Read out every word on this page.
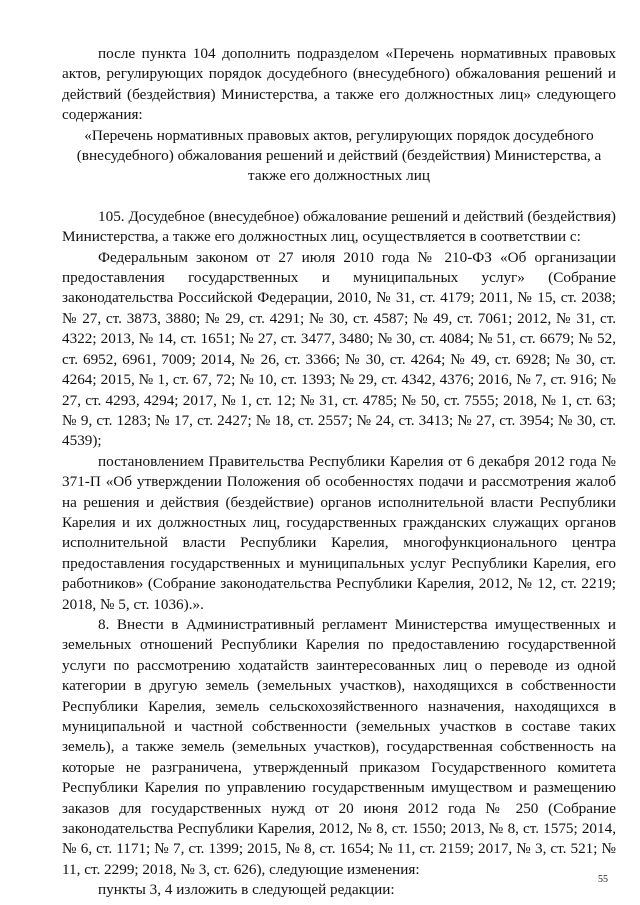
после пункта 104 дополнить подразделом «Перечень нормативных правовых актов, регулирующих порядок досудебного (внесудебного) обжалования решений и действий (бездействия) Министерства, а также его должностных лиц» следующего содержания:

«Перечень нормативных правовых актов, регулирующих порядок досудебного (внесудебного) обжалования решений и действий (бездействия) Министерства, а также его должностных лиц

105. Досудебное (внесудебное) обжалование решений и действий (бездействия) Министерства, а также его должностных лиц, осуществляется в соответствии с:

Федеральным законом от 27 июля 2010 года № 210-ФЗ «Об организации предоставления государственных и муниципальных услуг» (Собрание законодательства Российской Федерации, 2010, № 31, ст. 4179; 2011, № 15, ст. 2038; № 27, ст. 3873, 3880; № 29, ст. 4291; № 30, ст. 4587; № 49, ст. 7061; 2012, № 31, ст. 4322; 2013, № 14, ст. 1651; № 27, ст. 3477, 3480; № 30, ст. 4084; № 51, ст. 6679; № 52, ст. 6952, 6961, 7009; 2014, № 26, ст. 3366; № 30, ст. 4264; № 49, ст. 6928; № 30, ст. 4264; 2015, № 1, ст. 67, 72; № 10, ст. 1393; № 29, ст. 4342, 4376; 2016, № 7, ст. 916; № 27, ст. 4293, 4294; 2017, № 1, ст. 12; № 31, ст. 4785; № 50, ст. 7555; 2018, № 1, ст. 63; № 9, ст. 1283; № 17, ст. 2427; № 18, ст. 2557; № 24, ст. 3413; № 27, ст. 3954; № 30, ст. 4539);

постановлением Правительства Республики Карелия от 6 декабря 2012 года № 371-П «Об утверждении Положения об особенностях подачи и рассмотрения жалоб на решения и действия (бездействие) органов исполнительной власти Республики Карелия и их должностных лиц, государственных гражданских служащих органов исполнительной власти Республики Карелия, многофункционального центра предоставления государственных и муниципальных услуг Республики Карелия, его работников» (Собрание законодательства Республики Карелия, 2012, № 12, ст. 2219; 2018, № 5, ст. 1036).».

8. Внести в Административный регламент Министерства имущественных и земельных отношений Республики Карелия по предоставлению государственной услуги по рассмотрению ходатайств заинтересованных лиц о переводе из одной категории в другую земель (земельных участков), находящихся в собственности Республики Карелия, земель сельскохозяйственного назначения, находящихся в муниципальной и частной собственности (земельных участков в составе таких земель), а также земель (земельных участков), государственная собственность на которые не разграничена, утвержденный приказом Государственного комитета Республики Карелия по управлению государственным имуществом и размещению заказов для государственных нужд от 20 июня 2012 года № 250 (Собрание законодательства Республики Карелия, 2012, № 8, ст. 1550; 2013, № 8, ст. 1575; 2014, № 6, ст. 1171; № 7, ст. 1399; 2015, № 8, ст. 1654; № 11, ст. 2159; 2017, № 3, ст. 521; № 11, ст. 2299; 2018, № 3, ст. 626), следующие изменения:

пункты 3, 4 изложить в следующей редакции:

55
